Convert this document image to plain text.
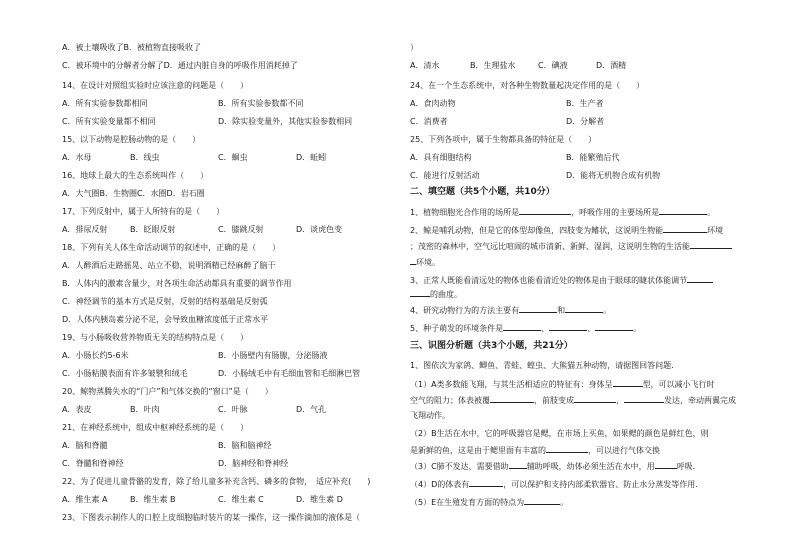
二、填空题（共5个小题，共10分）
1、植物细胞光合作用的场所是	，呼吸作用的主要场所是	。
2、鲸是哺乳动物，但是它的体型却像鱼，四肢变为鳍状，这说明生物能	环境
；茂密的森林中，空气远比喧闹的城市清新、新鲜、湿润，这说明生物的生活能
环境。
3、正常人既能看清远处的物体也能看清近处的物体是由于眼球的睫状体能调节
的曲度。
4、研究动物行为的方法主要有	和	。
5、种子萌发的环境条件是	、	、	。
三、识图分析题（共3个小题，共21分）
1、图依次为家鸽、鲫鱼、青蛙、蝗虫、大熊猫五种动物，请据图回答问题.
（1）A类多数能飞翔，与其生活相适应的特征有：身体呈	型，可以减小飞行时
空气的阻力；体表被覆	，前肢变成	，	发达，牵动两翼完成
飞翔动作。
（2）B生活在水中，它的呼吸器官是鳃，在市场上买鱼，如果鳃的颜色是鲜红色，则
是新鲜的鱼，这是由于鳃里面有丰富的	，可以进行气体交换
（3）C肺不发达，需要借助 辅助呼吸，幼体必须生活在水中，用	呼吸.
（4）D的体表有	，可以保护和支持内部柔软器官、防止水分蒸发等作用.
（5）E在生殖发育方面的特点为	。
A．被土壤吸收了B．被植物直接吸收了
C．被环境中的分解者分解了D．通过内脏自身的呼吸作用消耗掉了
14、在设计对照组实验时应该注意的问题是（　　）
A．所有实验参数都相同	B．所有实验参数都不同
C．所有实验变量都不相同	D．除实验变量外，其他实验参数相同
15、以下动物是腔肠动物的是（　　）
A．水母	B．线虫	C．蛔虫	D．蚯蚓
16、地球上最大的生态系统叫作（　　）
A．大气圈B．生物圈C．水圈D．岩石圈
17、下列反射中，属于人所特有的是（　　）
A．排尿反射	B．眨眼反射	C．膝跳反射	D．谈虎色变
18、下列有关人体生命活动调节的叙述中，正确的是（　　）
A．人醉酒后走路摇晃、站立不稳，说明酒精已经麻醉了脑干
B．人体内的激素含量少，对各项生命活动都具有重要的调节作用
C．神经调节的基本方式是反射，反射的结构基础是反射弧
D．人体内胰岛素分泌不足，会导致血糖浓度低于正常水平
19、与小肠吸收营养物质无关的结构特点是（　　）
A．小肠长约5-6米	B．小肠壁内有肠腺，分泌肠液
C．小肠粘膜表面有许多皱襞和绒毛	D．小肠绒毛中有毛细血管和毛细淋巴管
20、鲸物蒸腾失水的“门户”和气体交换的“窗口”是（　　）
A．表皮	B．叶肉	C．叶脉	D．气孔
21、在神经系统中，组成中枢神经系统的是（　　）
A．脑和脊髓	B．脑和脑神经
C．脊髓和脊神经	D．脑神经和脊神经
22、为了促进儿童骨骼的发育，除了给儿童多补充含钙、磷多的食物，　适应补充(　　)
A．维生素 A	B．维生素 B	C．维生素 C	D．维生素 D
23、下图表示制作人的口腔上皮细胞临时装片的某一操作，这一操作滴加的液体是（
）
A．清水	B．生理盐水	C．碘液	D．酒精
24、在一个生态系统中，对各种生物数量起决定作用的是（　　）
A．食肉动物	B．生产者
C．消费者	D．分解者
25、下列各项中，属于生物都具备的特征是（　　）
A．具有细胞结构	B．能繁殖后代
C．能进行反射活动	D．能将无机物合成有机物
